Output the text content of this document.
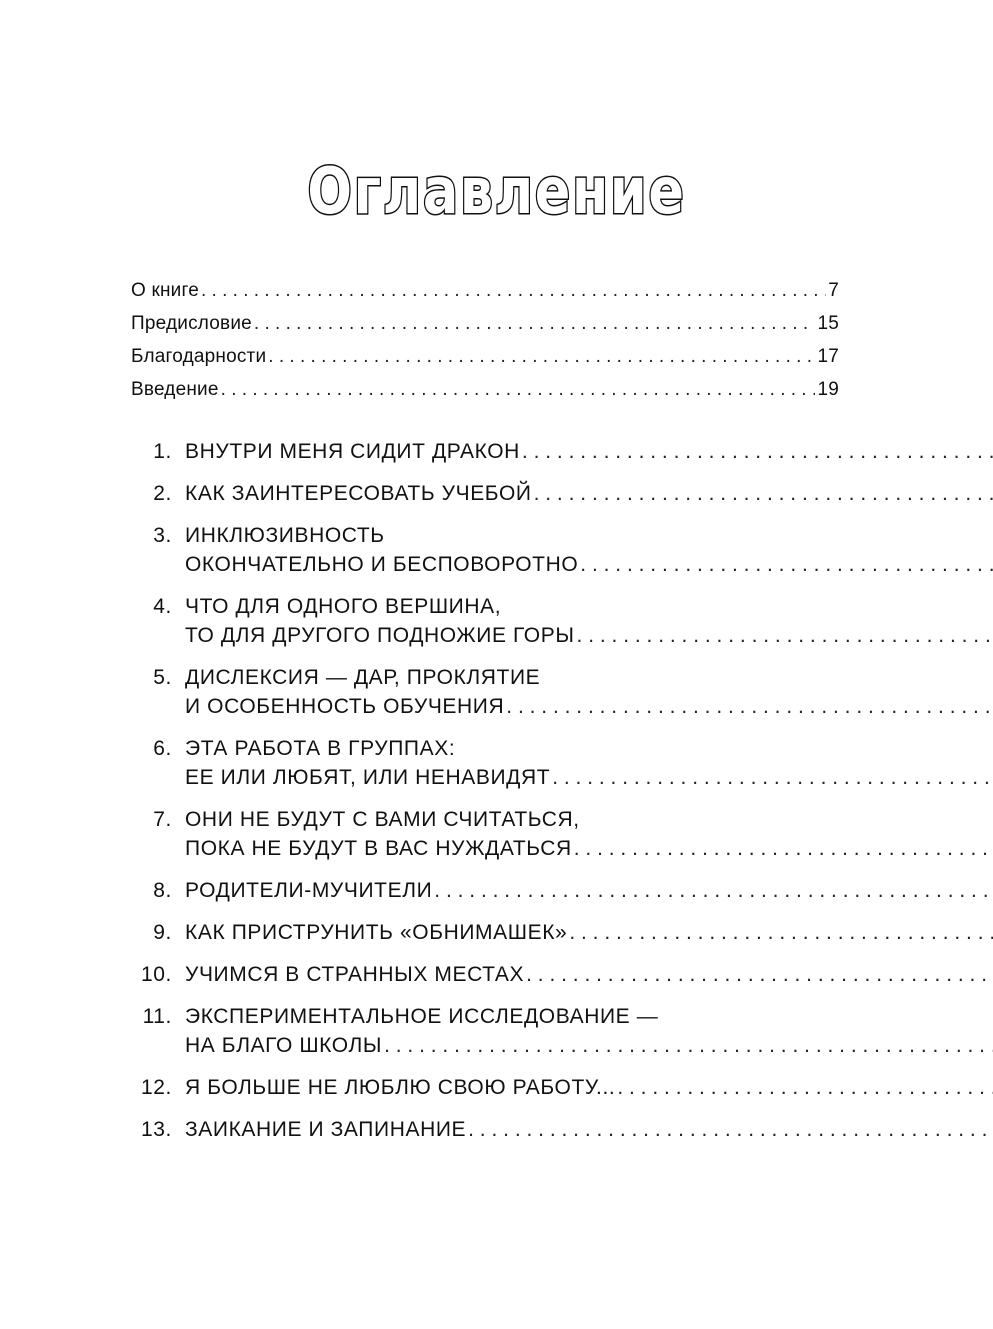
Оглавление
О книге . . .	7
Предисловие . . .	15
Благодарности . . .	17
Введение . . .	19
1. ВНУТРИ МЕНЯ СИДИТ ДРАКОН
. . .
2. КАК ЗАИНТЕРЕСОВАТЬ УЧЕБОЙ
. . .
3. ИНКЛЮЗИВНОСТЬ
ОКОНЧАТЕЛЬНО И БЕСПОВОРОТНО
. . .
4. ЧТО ДЛЯ ОДНОГО ВЕРШИНА,
ТО ДЛЯ ДРУГОГО ПОДНОЖИЕ ГОРЫ
. . .
5. ДИСЛЕКСИЯ — ДАР, ПРОКЛЯТИЕ
И ОСОБЕННОСТЬ ОБУЧЕНИЯ
. . .
6. ЭТА РАБОТА В ГРУППАХ:
ЕЕ ИЛИ ЛЮБЯТ, ИЛИ НЕНАВИДЯТ
. . .
7. ОНИ НЕ БУДУТ С ВАМИ СЧИТАТЬСЯ,
ПОКА НЕ БУДУТ В ВАС НУЖДАТЬСЯ
. . .
8. РОДИТЕЛИ-МУЧИТЕЛИ
. . .
9. КАК ПРИСТРУНИТЬ «ОБНИМАШЕК»
. . .
10. УЧИМСЯ В СТРАННЫХ МЕСТАХ
. . .
11. ЭКСПЕРИМЕНТАЛЬНОЕ ИССЛЕДОВАНИЕ —
НА БЛАГО ШКОЛЫ
. . .
12. Я БОЛЬШЕ НЕ ЛЮБЛЮ СВОЮ РАБОТУ...
. . .
13. ЗАИКАНИЕ И ЗАПИНАНИЕ
. . .
